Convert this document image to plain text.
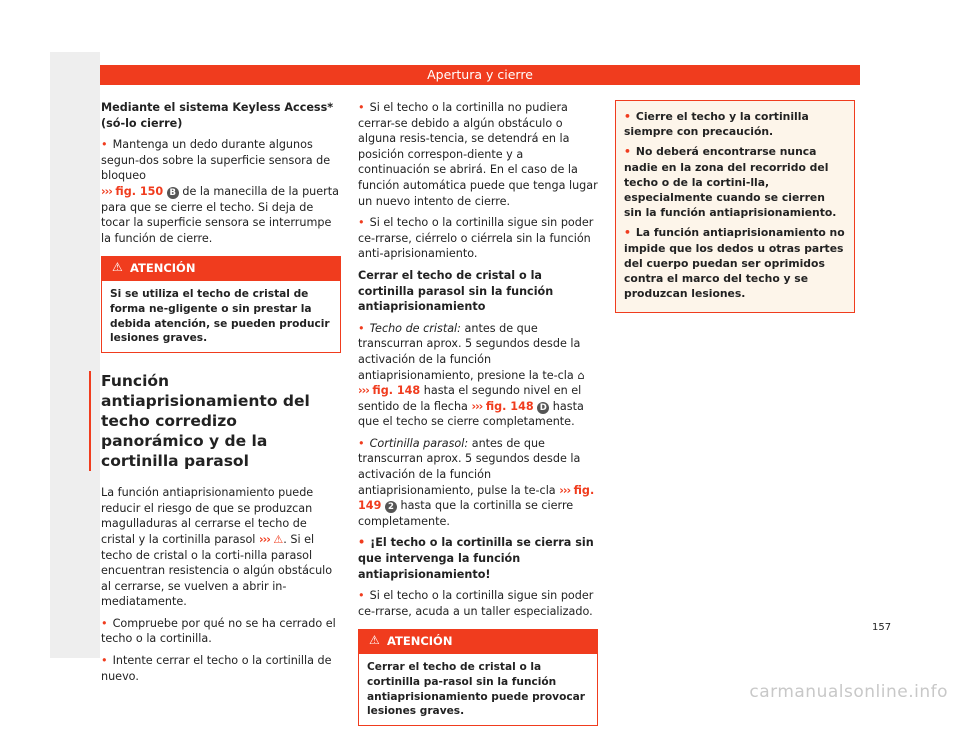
Apertura y cierre

Mediante el sistema Keyless Access* (só-lo cierre)

• Mantenga un dedo durante algunos segun-dos sobre la superficie sensora de bloqueo
››› fig. 150 B de la manecilla de la puerta para que se cierre el techo. Si deja de tocar la superficie sensora se interrumpe la función de cierre.

⚠ ATENCIÓN
Si se utiliza el techo de cristal de forma ne-gligente o sin prestar la debida atención, se pueden producir lesiones graves.
Función antiaprisionamiento del techo corredizo panorámico y de la cortinilla parasol

La función antiaprisionamiento puede reducir el riesgo de que se produzcan magulladuras al cerrarse el techo de cristal y la cortinilla parasol ››› ⚠. Si el techo de cristal o la corti-nilla parasol encuentran resistencia o algún obstáculo al cerrarse, se vuelven a abrir in-mediatamente.

• Compruebe por qué no se ha cerrado el techo o la cortinilla.

• Intente cerrar el techo o la cortinilla de nuevo.

• Si el techo o la cortinilla no pudiera cerrar-se debido a algún obstáculo o alguna resis-tencia, se detendrá en la posición correspon-diente y a continuación se abrirá. En el caso de la función automática puede que tenga lugar un nuevo intento de cierre.

• Si el techo o la cortinilla sigue sin poder ce-rrarse, ciérrelo o ciérrela sin la función anti-aprisionamiento.

Cerrar el techo de cristal o la cortinilla parasol sin la función antiaprisionamiento

• Techo de cristal: antes de que transcurran aprox. 5 segundos desde la activación de la función antiaprisionamiento, presione la te-cla ⌂ ››› fig. 148 hasta el segundo nivel en el sentido de la flecha ››› fig. 148 D hasta que el techo se cierre completamente.

• Cortinilla parasol: antes de que transcurran aprox. 5 segundos desde la activación de la función antiaprisionamiento, pulse la te-cla ››› fig. 149 2 hasta que la cortinilla se cierre completamente.

• ¡El techo o la cortinilla se cierra sin que intervenga la función antiaprisionamiento!

• Si el techo o la cortinilla sigue sin poder ce-rrarse, acuda a un taller especializado.

⚠ ATENCIÓN
Cerrar el techo de cristal o la cortinilla pa-rasol sin la función antiaprisionamiento puede provocar lesiones graves.

• Cierre el techo y la cortinilla siempre con precaución.

• No deberá encontrarse nunca nadie en la zona del recorrido del techo o de la cortini-lla, especialmente cuando se cierren sin la función antiaprisionamiento.

• La función antiaprisionamiento no impide que los dedos u otras partes del cuerpo puedan ser oprimidos contra el marco del techo y se produzcan lesiones.

157
carmanualsonline.info
